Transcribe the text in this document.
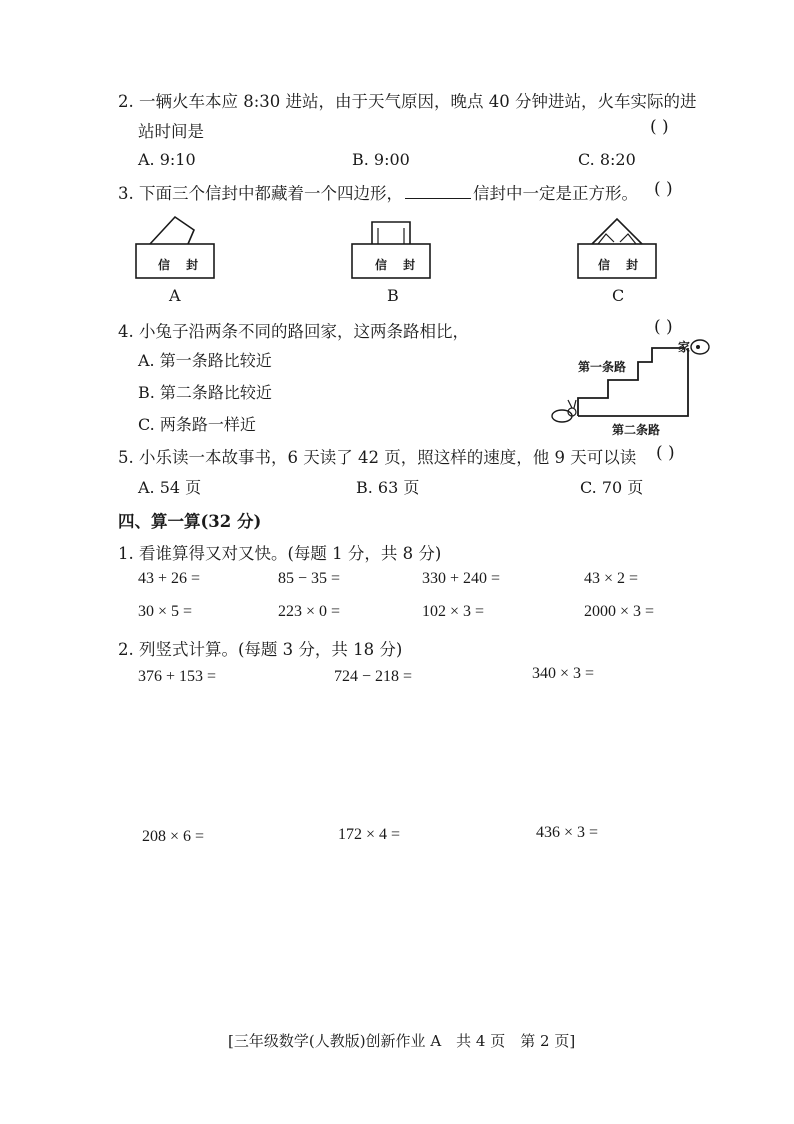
2. 一辆火车本应 8:30 进站，由于天气原因，晚点 40 分钟进站，火车实际的进
站时间是	( )
A. 9:10	B. 9:00	C. 8:20
3. 下面三个信封中都藏着一个四边形，	信封中一定是正方形。 ( )
信 封
A
信 封
B
信 封
C
4. 小兔子沿两条不同的路回家，这两条路相比，	( )
A. 第一条路比较近
B. 第二条路比较近
C. 两条路一样近
家
第一条路
第二条路
5. 小乐读一本故事书，6 天读了 42 页，照这样的速度，他 9 天可以读 ( )
A. 54 页	B. 63 页	C. 70 页
四、算一算(32 分)
1. 看谁算得又对又快。(每题 1 分，共 8 分)
43 + 26 =	85 − 35 =	330 + 240 =	43 × 2 =
30 × 5 =	223 × 0 =	102 × 3 =	2000 × 3 =
2. 列竖式计算。(每题 3 分，共 18 分)
376 + 153 =	724 − 218 =	340 × 3 =
208 × 6 =	172 × 4 =	436 × 3 =
[三年级数学(人教版)创新作业 A　共 4 页　第 2 页]
